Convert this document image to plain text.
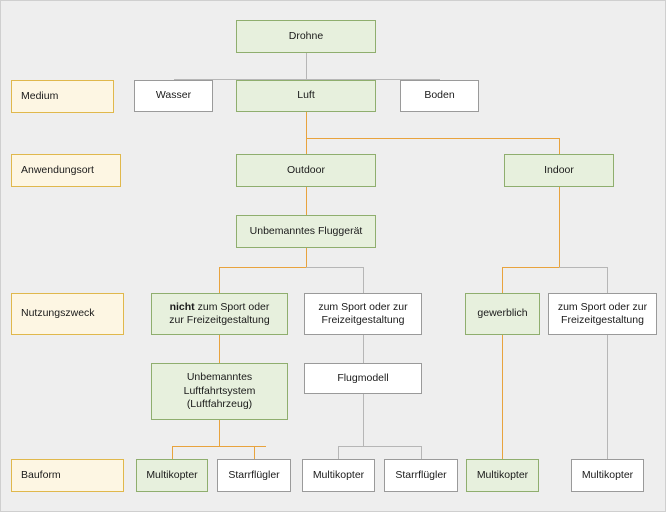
Medium
Anwendungsort
Nutzungszweck
Bauform
Drohne
Wasser	Luft	Boden
Outdoor	Indoor
Unbemanntes Fluggerät
nicht zum Sport oder
zur Freizeitgestaltung
zum Sport oder zur
Freizeitgestaltung
gewerblich
zum Sport oder zur
Freizeitgestaltung
Unbemanntes
Luftfahrtsystem
(Luftfahrzeug)
Flugmodell
Multikopter	Starrflügler	Multikopter	Starrflügler	Multikopter	Multikopter
